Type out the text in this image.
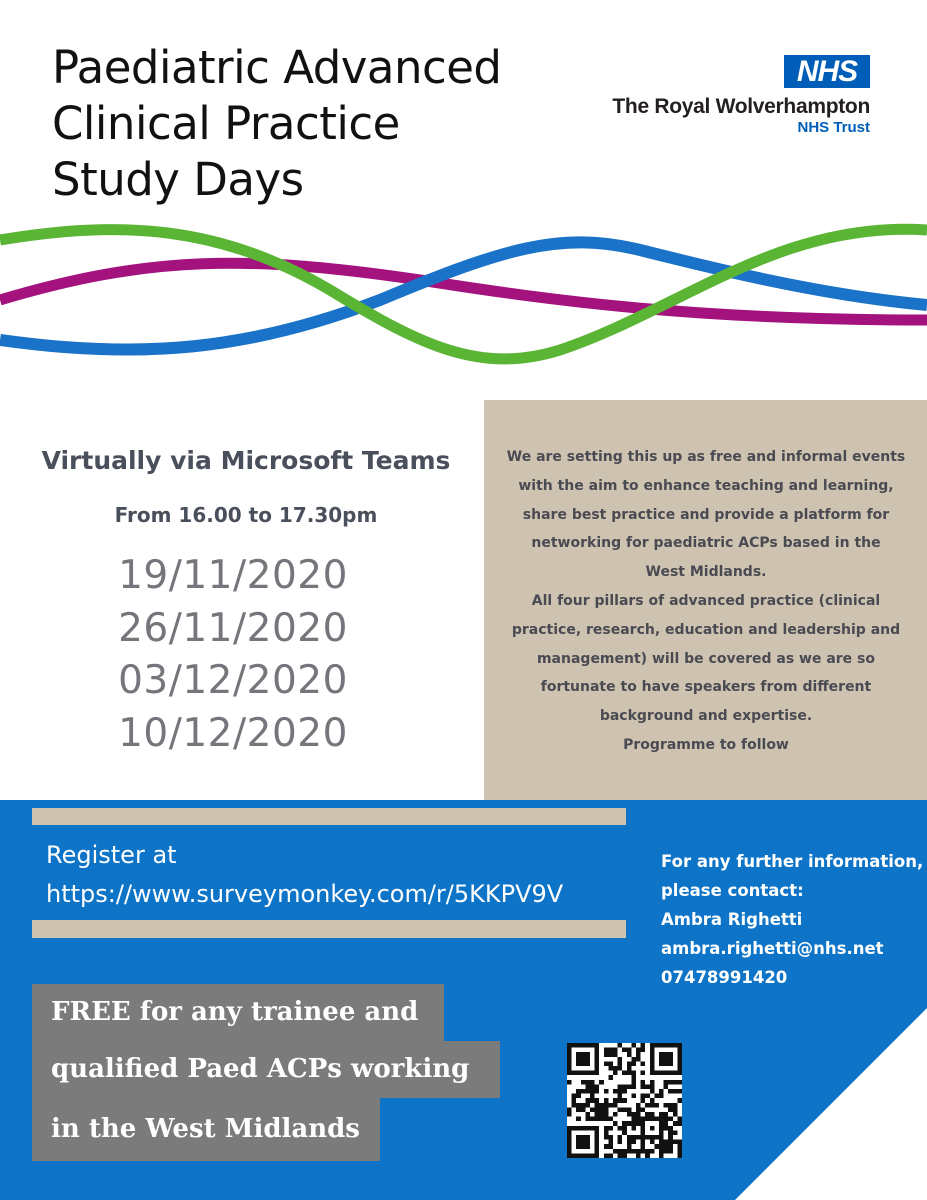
Paediatric Advanced
Clinical Practice
Study Days
NHS
The Royal Wolverhampton
NHS Trust
We are setting this up as free and informal events
with the aim to enhance teaching and learning,
share best practice and provide a platform for
networking for paediatric ACPs based in the
West Midlands.
All four pillars of advanced practice (clinical
practice, research, education and leadership and
management) will be covered as we are so
fortunate to have speakers from different
background and expertise.
Programme to follow
Virtually via Microsoft Teams
From 16.00 to 17.30pm
19/11/2020
26/11/2020
03/12/2020
10/12/2020
Register at
https://www.surveymonkey.com/r/5KKPV9V
For any further information,
please contact:
Ambra Righetti
ambra.righetti@nhs.net
07478991420
FREE for any trainee and
qualified Paed ACPs working
in the West Midlands
